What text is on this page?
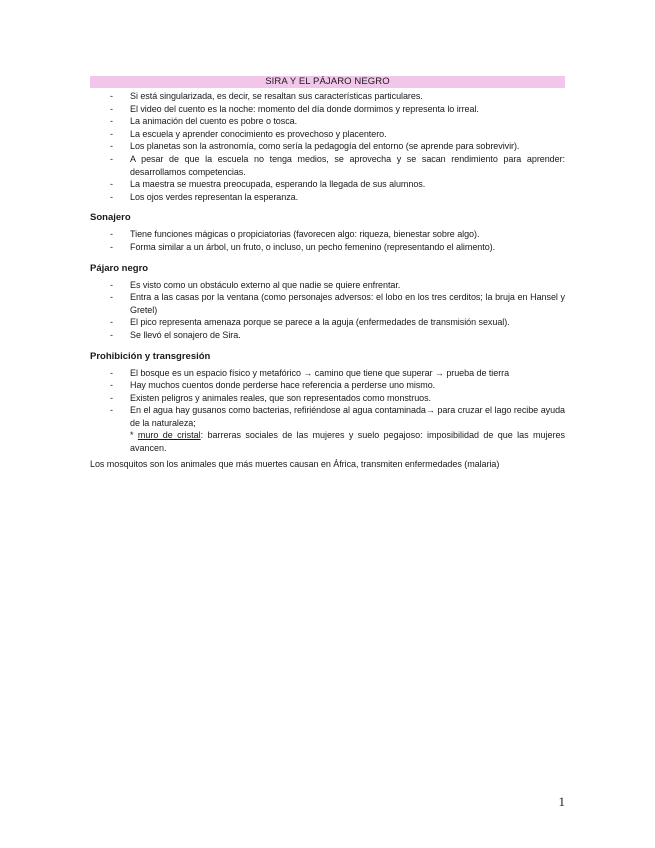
SIRA Y EL PÁJARO NEGRO
- Si está singularizada, es decir, se resaltan sus características particulares.
- El video del cuento es la noche: momento del día donde dormimos y representa lo irreal.
- La animación del cuento es pobre o tosca.
- La escuela y aprender conocimiento es provechoso y placentero.
- Los planetas son la astronomía, como sería la pedagogía del entorno (se aprende para sobrevivir).
- A pesar de que la escuela no tenga medios, se aprovecha y se sacan rendimiento para aprender: desarrollamos competencias.
- La maestra se muestra preocupada, esperando la llegada de sus alumnos.
- Los ojos verdes representan la esperanza.
Sonajero
- Tiene funciones mágicas o propiciatorias (favorecen algo: riqueza, bienestar sobre algo).
- Forma similar a un árbol, un fruto, o incluso, un pecho femenino (representando el alimento).
Pájaro negro
- Es visto como un obstáculo externo al que nadie se quiere enfrentar.
- Entra a las casas por la ventana (como personajes adversos: el lobo en los tres cerditos; la bruja en Hansel y Gretel)
- El pico representa amenaza porque se parece a la aguja (enfermedades de transmisión sexual).
- Se llevó el sonajero de Sira.
Prohibición y transgresión
- El bosque es un espacio físico y metafórico → camino que tiene que superar → prueba de tierra
- Hay muchos cuentos donde perderse hace referencia a perderse uno mismo.
- Existen peligros y animales reales, que son representados como monstruos.
- En el agua hay gusanos como bacterias, refiriéndose al agua contaminada→ para cruzar el lago recibe ayuda de la naturaleza;
* muro de cristal: barreras sociales de las mujeres y suelo pegajoso: imposibilidad de que las mujeres avancen.
Los mosquitos son los animales que más muertes causan en África, transmiten enfermedades (malaria)
1
